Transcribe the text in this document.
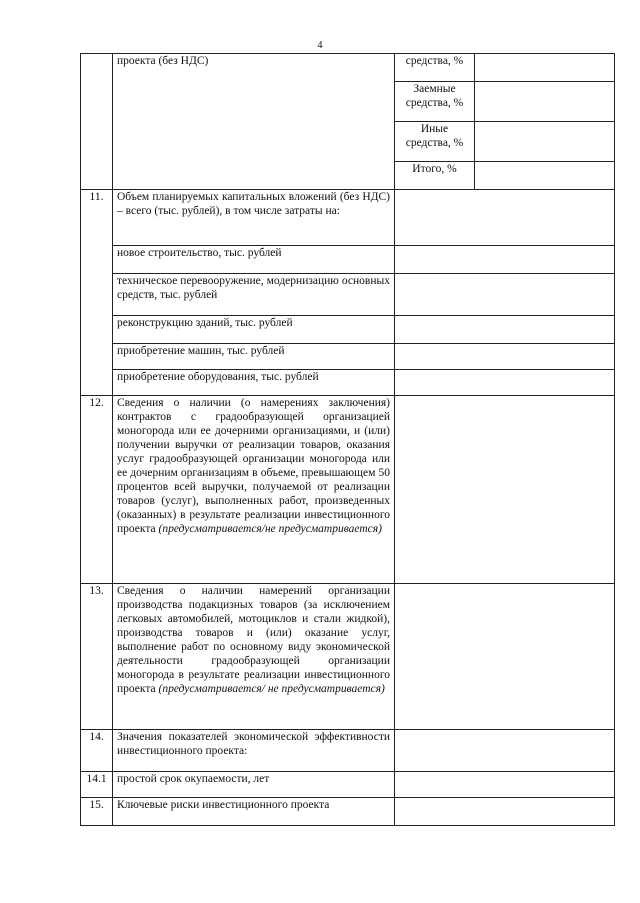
4
	проекта (без НДС)	средства, %	
		Заемные средства, %	
		Иные средства, %	
		Итого, %	
11.	Объем планируемых капитальных вложений (без НДС) – всего (тыс. рублей), в том числе затраты на:		
	новое строительство, тыс. рублей		
	техническое перевооружение, модернизацию основных средств, тыс. рублей		
	реконструкцию зданий, тыс. рублей		
	приобретение машин, тыс. рублей		
	приобретение оборудования, тыс. рублей		
12.	Сведения о наличии (о намерениях заключения) контрактов с градообразующей организацией моногорода или ее дочерними организациями, и (или) получении выручки от реализации товаров, оказания услуг градообразующей организации моногорода или ее дочерним организациям в объеме, превышающем 50 процентов всей выручки, получаемой от реализации товаров (услуг), выполненных работ, произведенных (оказанных) в результате реализации инвестиционного проекта (предусматривается/не предусматривается)		
13.	Сведения о наличии намерений организации производства подакцизных товаров (за исключением легковых автомобилей, мотоциклов и стали жидкой), производства товаров и (или) оказание услуг, выполнение работ по основному виду экономической деятельности градообразующей организации моногорода в результате реализации инвестиционного проекта (предусматривается/ не предусматривается)		
14.	Значения показателей экономической эффективности инвестиционного проекта:		
14.1	простой срок окупаемости, лет		
15.	Ключевые риски инвестиционного проекта		
